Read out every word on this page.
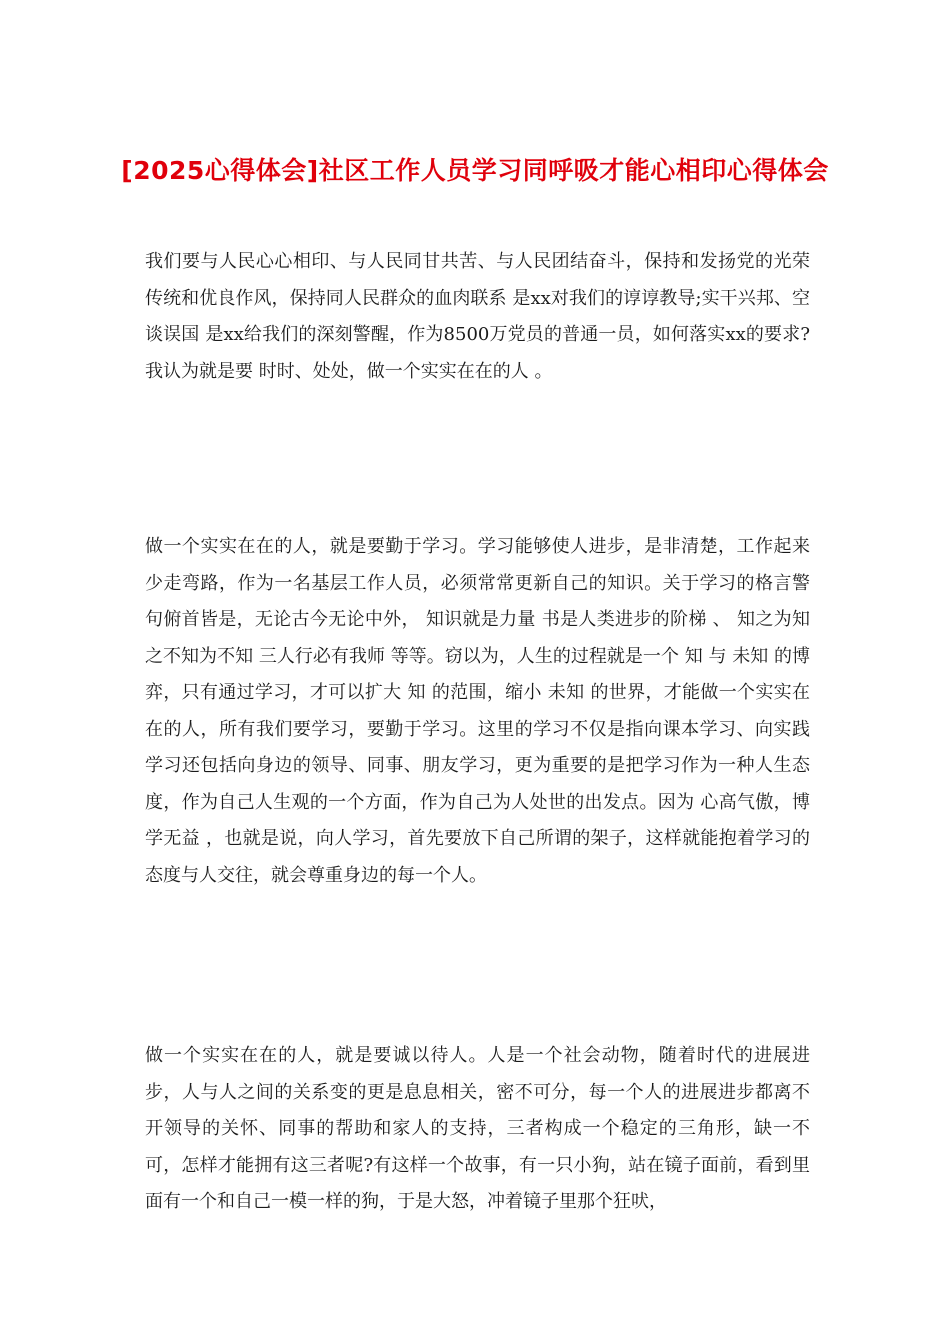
[2025心得体会]社区工作人员学习同呼吸才能心相印心得体会

我们要与人民心心相印、与人民同甘共苦、与人民团结奋斗，保持和发扬党的光荣传统和优良作风，保持同人民群众的血肉联系 是xx对我们的谆谆教导;实干兴邦、空谈误国 是xx给我们的深刻警醒，作为8500万党员的普通一员，如何落实xx的要求?我认为就是要 时时、处处，做一个实实在在的人 。

做一个实实在在的人，就是要勤于学习。学习能够使人进步，是非清楚，工作起来少走弯路，作为一名基层工作人员，必须常常更新自己的知识。关于学习的格言警句俯首皆是，无论古今无论中外， 知识就是力量 书是人类进步的阶梯 、 知之为知之不知为不知 三人行必有我师 等等。窃以为，人生的过程就是一个 知 与 未知 的博弈，只有通过学习，才可以扩大 知 的范围，缩小 未知 的世界，才能做一个实实在在的人，所有我们要学习，要勤于学习。这里的学习不仅是指向课本学习、向实践学习还包括向身边的领导、同事、朋友学习，更为重要的是把学习作为一种人生态度，作为自己人生观的一个方面，作为自己为人处世的出发点。因为 心高气傲，博学无益 ，也就是说，向人学习，首先要放下自己所谓的架子，这样就能抱着学习的态度与人交往，就会尊重身边的每一个人。

做一个实实在在的人，就是要诚以待人。人是一个社会动物，随着时代的进展进步，人与人之间的关系变的更是息息相关，密不可分，每一个人的进展进步都离不开领导的关怀、同事的帮助和家人的支持，三者构成一个稳定的三角形，缺一不可，怎样才能拥有这三者呢?有这样一个故事，有一只小狗，站在镜子面前，看到里面有一个和自己一模一样的狗，于是大怒，冲着镜子里那个狂吠，
